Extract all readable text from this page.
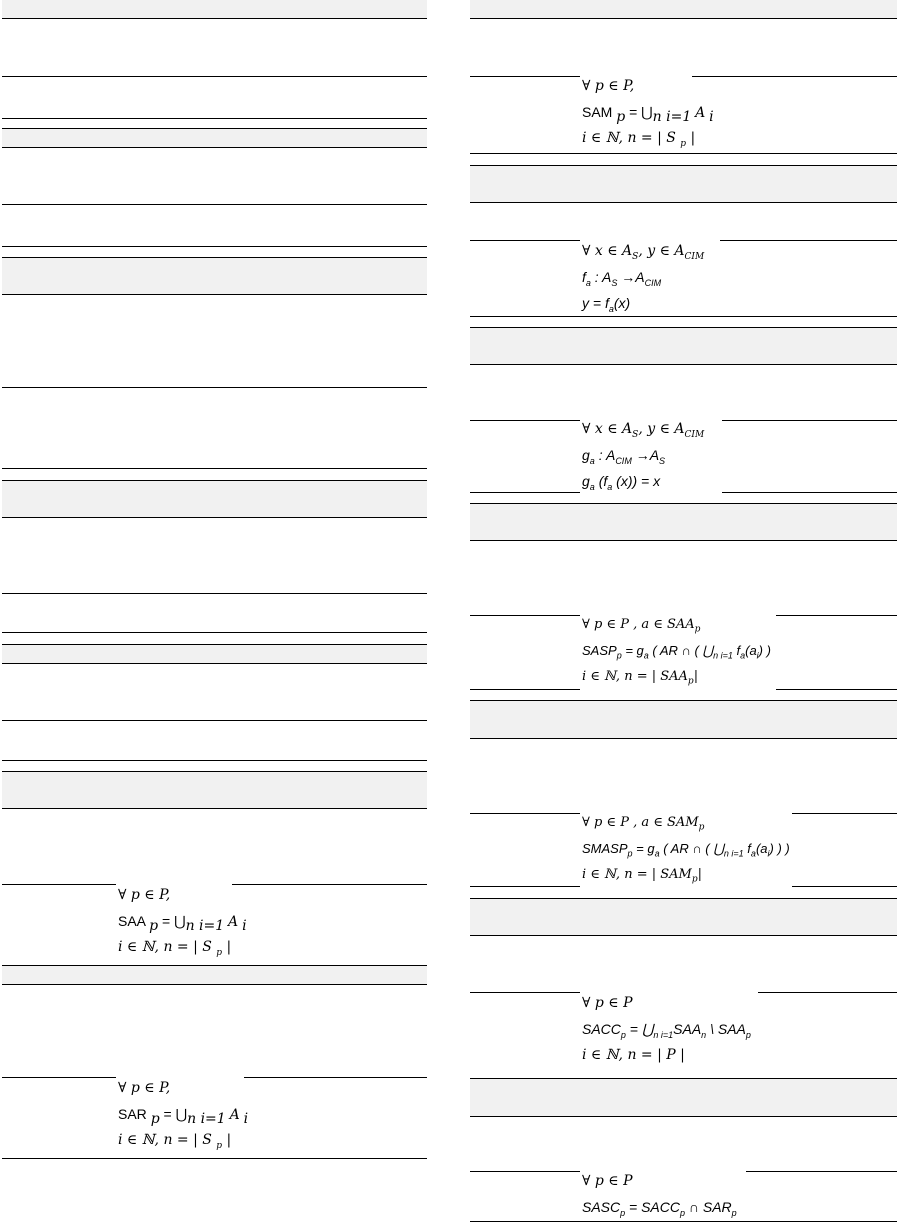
∀ p ∈ P,
SAA $_p = ⋃_{n i=1}$ A $_i$
i ∈ ℕ, n = | S $_p$ |
∀ p ∈ P,
SAR $_p = ⋃_{n i=1}$ A $_i$
i ∈ ℕ, n = | S $_p$ |
∀ p ∈ P,
SAM $_p = ⋃_{n i=1}$ A $_i$
i ∈ ℕ, n = | S $_p$ |
∀ x ∈ $A_S$, y ∈ $A_{CIM}$
$f_a$ : $A_S \to A_{CIM}$
$y = f_a(x)$
∀ x ∈ $A_S$, y ∈ $A_{CIM}$
$g_a$ : $A_{CIM} \to A_S$
$g_a$ ($f_a$ (x)) = x
∀ p ∈ P , a ∈ $SAA_p$
$SASP_p = g_a$ ( AR ∩ ( $⋃_{n i=1}$ $f_a(a_i)$ )
i ∈ ℕ, n = | $SAA_p|$
∀ p ∈ P , a ∈ $SAM_p$
$SMASP_p = g_a$ ( AR ∩ ( $⋃_{n i=1}$ $f_a(a_i)$ ) )
i ∈ ℕ, n = | $SAM_p|$
∀ p ∈ P
$SACC_p$ = $⋃_{n i=1}SAA_n$ \ $SAA_p$
i ∈ ℕ, n = | P |
∀ p ∈ P
$SASC_p$ = $SACC_p$ ∩ $SAR_p$
